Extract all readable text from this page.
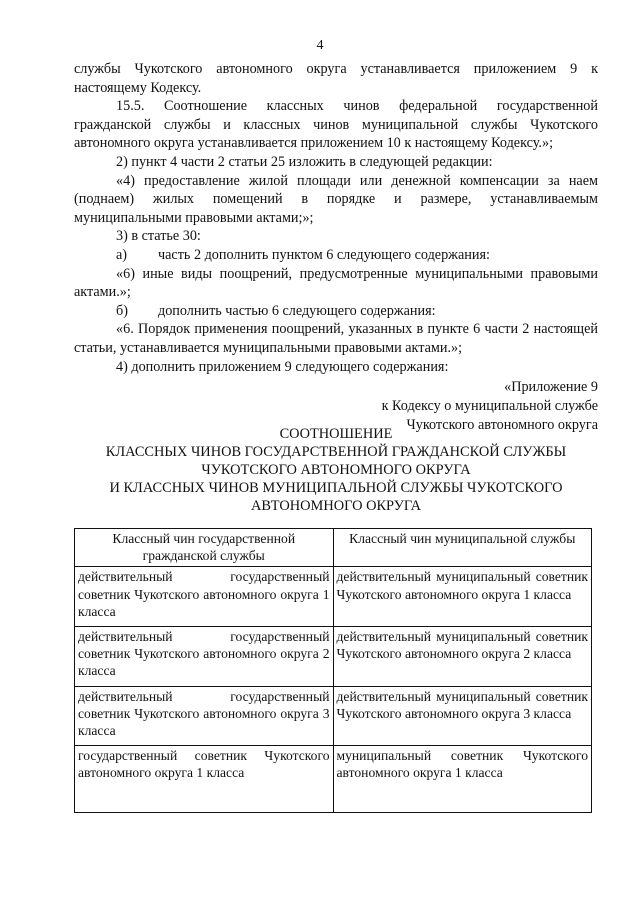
4

службы Чукотского автономного округа устанавливается приложением 9 к настоящему Кодексу.

15.5. Соотношение классных чинов федеральной государственной гражданской службы и классных чинов муниципальной службы Чукотского автономного округа устанавливается приложением 10 к настоящему Кодексу.»;

2) пункт 4 части 2 статьи 25 изложить в следующей редакции:

«4) предоставление жилой площади или денежной компенсации за наем (поднаем) жилых помещений в порядке и размере, устанавливаемым муниципальными правовыми актами;»;

3) в статье 30:

а)	часть 2 дополнить пунктом 6 следующего содержания:

«6) иные виды поощрений, предусмотренные муниципальными правовыми актами.»;

б)	дополнить частью 6 следующего содержания:

«6. Порядок применения поощрений, указанных в пункте 6 части 2 настоящей статьи, устанавливается муниципальными правовыми актами.»;

4) дополнить приложением 9 следующего содержания:

«Приложение 9
к Кодексу о муниципальной службе
Чукотского автономного округа
СООТНОШЕНИЕ
КЛАССНЫХ ЧИНОВ ГОСУДАРСТВЕННОЙ ГРАЖДАНСКОЙ СЛУЖБЫ
ЧУКОТСКОГО АВТОНОМНОГО ОКРУГА
И КЛАССНЫХ ЧИНОВ МУНИЦИПАЛЬНОЙ СЛУЖБЫ ЧУКОТСКОГО
АВТОНОМНОГО ОКРУГА
Классный чин государственной гражданской службы	Классный чин муниципальной службы
действительный государственный советник Чукотского автономного округа 1 класса	действительный муниципальный советник Чукотского автономного округа 1 класса
действительный государственный советник Чукотского автономного округа 2 класса	действительный муниципальный советник Чукотского автономного округа 2 класса
действительный государственный советник Чукотского автономного округа 3 класса	действительный муниципальный советник Чукотского автономного округа 3 класса
государственный советник Чукотского автономного округа 1 класса	муниципальный советник Чукотского автономного округа 1 класса
